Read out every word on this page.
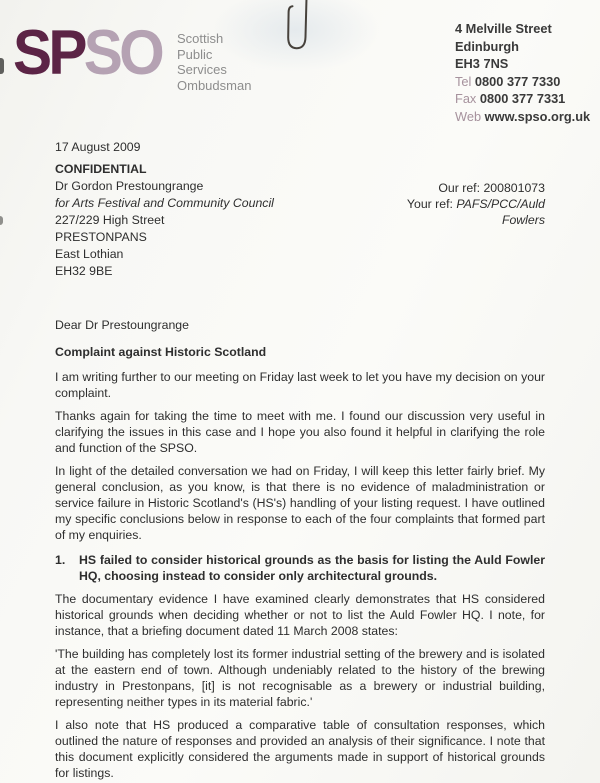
SPSO Scottish
Public
Services
Ombudsman
4 Melville Street
Edinburgh
EH3 7NS
Tel 0800 377 7330
Fax 0800 377 7331
Web www.spso.org.uk

17 August 2009

CONFIDENTIAL
Dr Gordon Prestoungrange
for Arts Festival and Community Council
227/229 High Street
PRESTONPANS
East Lothian
EH32 9BE
Our ref: 200801073
Your ref: PAFS/PCC/Auld Fowlers

Dear Dr Prestoungrange

Complaint against Historic Scotland

I am writing further to our meeting on Friday last week to let you have my decision on your complaint.

Thanks again for taking the time to meet with me. I found our discussion very useful in clarifying the issues in this case and I hope you also found it helpful in clarifying the role and function of the SPSO.

In light of the detailed conversation we had on Friday, I will keep this letter fairly brief. My general conclusion, as you know, is that there is no evidence of maladministration or service failure in Historic Scotland's (HS's) handling of your listing request. I have outlined my specific conclusions below in response to each of the four complaints that formed part of my enquiries.

1.	HS failed to consider historical grounds as the basis for listing the Auld Fowler HQ, choosing instead to consider only architectural grounds.

The documentary evidence I have examined clearly demonstrates that HS considered historical grounds when deciding whether or not to list the Auld Fowler HQ. I note, for instance, that a briefing document dated 11 March 2008 states:

'The building has completely lost its former industrial setting of the brewery and is isolated at the eastern end of town. Although undeniably related to the history of the brewing industry in Prestonpans, [it] is not recognisable as a brewery or industrial building, representing neither types in its material fabric.'

I also note that HS produced a comparative table of consultation responses, which outlined the nature of responses and provided an analysis of their significance. I note that this document explicitly considered the arguments made in support of historical grounds for listings.
